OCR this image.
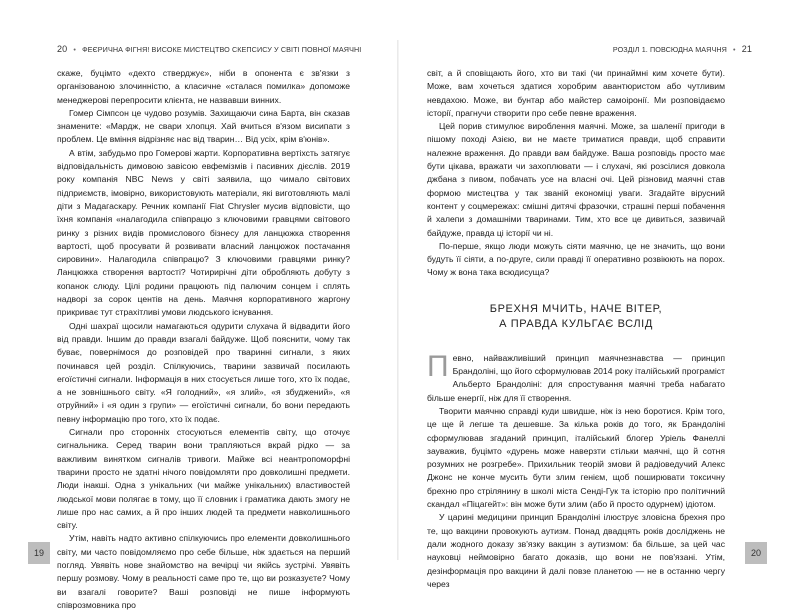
20 • ФЕЄРИЧНА ФІГНЯ! ВИСОКЕ МИСТЕЦТВО СКЕПСИСУ У СВІТІ ПОВНОЇ МАЯЧНІ

скаже, буцімто «дехто стверджує», ніби в опонента є зв'язки з організованою злочинністю, а класичне «сталася помилка» допоможе менеджерові перепросити клієнта, не назвавши винних.

Гомер Сімпсон це чудово розумів. Захищаючи сина Барта, він сказав знамените: «Мардж, не свари хлопця. Хай вчиться в'язом висипати з проблем. Це вміння відрізняє нас від тварин… Від усіх, крім в'юнів».

А втім, забудьмо про Гомерові жарти. Корпоративна вертіхсть затягує відповідальність димовою завісою евфемізмів і пасивних дієслів. 2019 року компанія NBC News у світі заявила, що чимало світових підприємств, імовірно, використовують матеріали, які виготовляють малі діти з Мадагаскару. Речник компанії Fiat Chrysler мусив відповісти, що їхня компанія «налагодила співпрацю з ключовими гравцями світового ринку з різних видів промислового бізнесу для ланцюжка створення вартості, щоб просувати й розвивати власний ланцюжок постачання сировини». Налагодила співпрацю? З ключовими гравцями ринку? Ланцюжка створення вартості? Чотирирічні діти обробляють добуту з копанок слюду. Цілі родини працюють під палючим сонцем і сплять надворі за сорок центів на день. Маячня корпоративного жаргону прикриває тут страхітливі умови людського існування.

Одні шахраї щосили намагаються одурити слухача й відвадити його від правди. Іншим до правди взагалі байдуже. Щоб пояснити, чому так буває, повернімося до розповідей про тваринні сигнали, з яких починався цей розділ. Спілкуючись, тварини зазвичай посилають егоїстичні сигнали. Інформація в них стосується лише того, хто їх подає, а не зовнішнього світу. «Я голодний», «я злий», «я збуджений», «я отруйний» і «я один з групи» — егоїстичні сигнали, бо вони передають певну інформацію про того, хто їх подає.

Сигнали про сторонніх стосуються елементів світу, що оточує сигнальника. Серед тварин вони трапляються вкрай рідко — за важливим винятком сигналів тривоги. Майже всі неантропоморфні тварини просто не здатні нічого повідомляти про довколишні предмети. Люди інакші. Одна з унікальних (чи майже унікальних) властивостей людської мови полягає в тому, що її словник і граматика дають змогу не лише про нас самих, а й про інших людей та предмети навколишнього світу.

Утім, навіть надто активно спілкуючись про елементи довколишнього світу, ми часто повідомляємо про себе більше, ніж здається на перший погляд. Увявіть нове знайомство на вечірці чи якійсь зустрічі. Увявіть першу розмову. Чому в реальності саме про те, що ви розказуєте? Чому ви взагалі говорите? Ваші розповіді не пише інформують співрозмовника про

19
РОЗДІЛ 1. ПОВСЮДНА МАЯЧНЯ • 21

світ, а й сповіщають його, хто ви такі (чи принаймні ким хочете бути). Може, вам хочеться здатися хоробрим авантюристом або чутливим невдахою. Може, ви бунтар або майстер самоіронії. Ми розповідаємо історії, прагнучи створити про себе певне враження.

Цей порив стимулює вироблення маячні. Може, за шаленії пригоди в пішому поході Азією, ви не маєте триматися правди, щоб справити належне враження. До правди вам байдуже. Ваша розповідь просто має бути цікава, вражати чи захоплювати — і слухачі, які розсілися довкола джбана з пивом, побачать усе на власні очі. Цей різновид маячні став формою мистецтва у так званій економіці уваги. Згадайте вірусний контент у соцмережах: смішні дитячі фразочки, страшні перші побачення й халепи з домашніми тваринами. Тим, хто все це дивиться, зазвичай байдуже, правда ці історії чи ні.

По-перше, якщо люди можуть сіяти маячню, це не значить, що вони будуть її сіяти, а по-друге, сили правді її оперативно розвіюють на порох. Чому ж вона така всюдисуща?

БРЕХНЯ МЧИТЬ, НАЧЕ ВІТЕР,
А ПРАВДА КУЛЬГАЄ ВСЛІД

П евно, найважливіший принцип маячнезнавства — принцип Брандоліні, що його сформулював 2014 року італійський програміст Альберто Брандоліні: для спростування маячні треба набагато більше енергії, ніж для її створення.

Творити маячню справді куди швидше, ніж із нею боротися. Крім того, це ще й легше та дешевше. За кілька років до того, як Брандоліні сформулював згаданий принцип, італійський блогер Уріель Фанеллі зауважив, буцімто «дурень може наверзти стільки маячні, що й сотня розумних не розгребе». Прихильник теорій змови й радіоведучий Алекс Джонс не конче мусить бути злим генієм, щоб поширювати токсичну брехню про стрілянину в школі міста Сенді-Гук та історію про політичний скандал «Піцагейт»: він може бути злим (або й просто одурнем) ідіотом.

У царині медицини принцип Брандоліні ілюструє зловісна брехня про те, що вакцини провокують аутизм. Понад двадцять років досліджень не дали жодного доказу зв'язку вакцин з аутизмом: ба більше, за цей час науковці неймовірно багато доказів, що вони не пов'язані. Утім, дезінформація про вакцини й далі повзе планетою — не в останню чергу через

20
